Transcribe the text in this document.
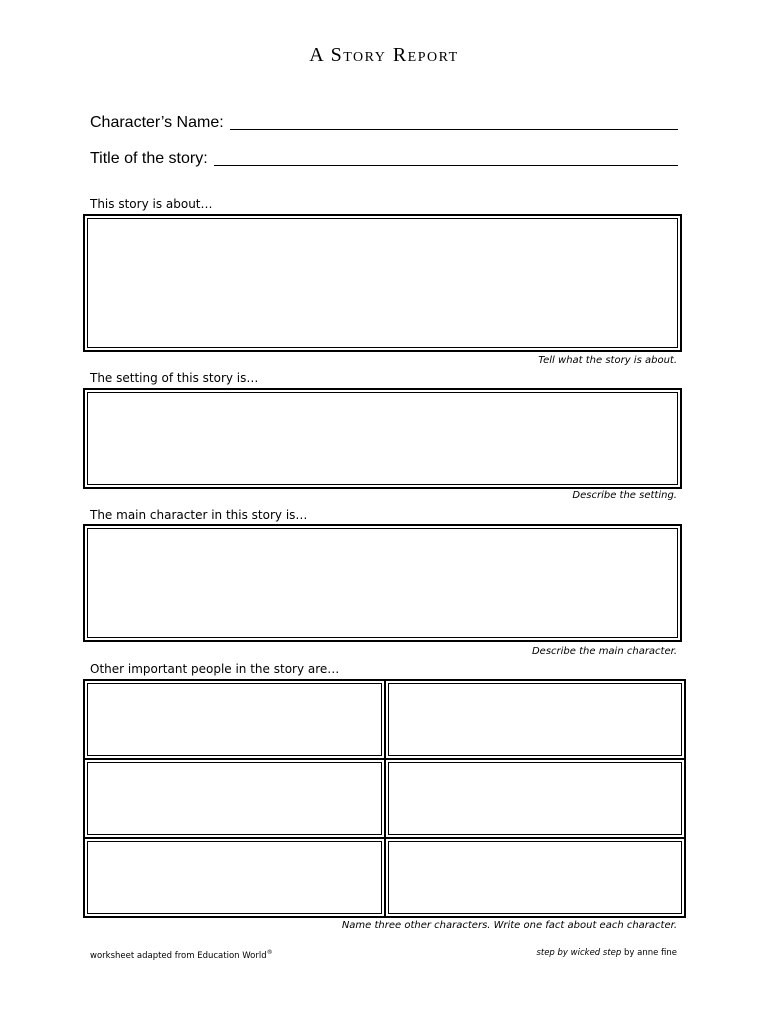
A Story Report
Character’s Name:
Title of the story:
This story is about…
Tell what the story is about.
The setting of this story is…
Describe the setting.
The main character in this story is…
Describe the main character.
Other important people in the story are…
Name three other characters. Write one fact about each character.
worksheet adapted from Education World®	step by wicked step by anne fine
